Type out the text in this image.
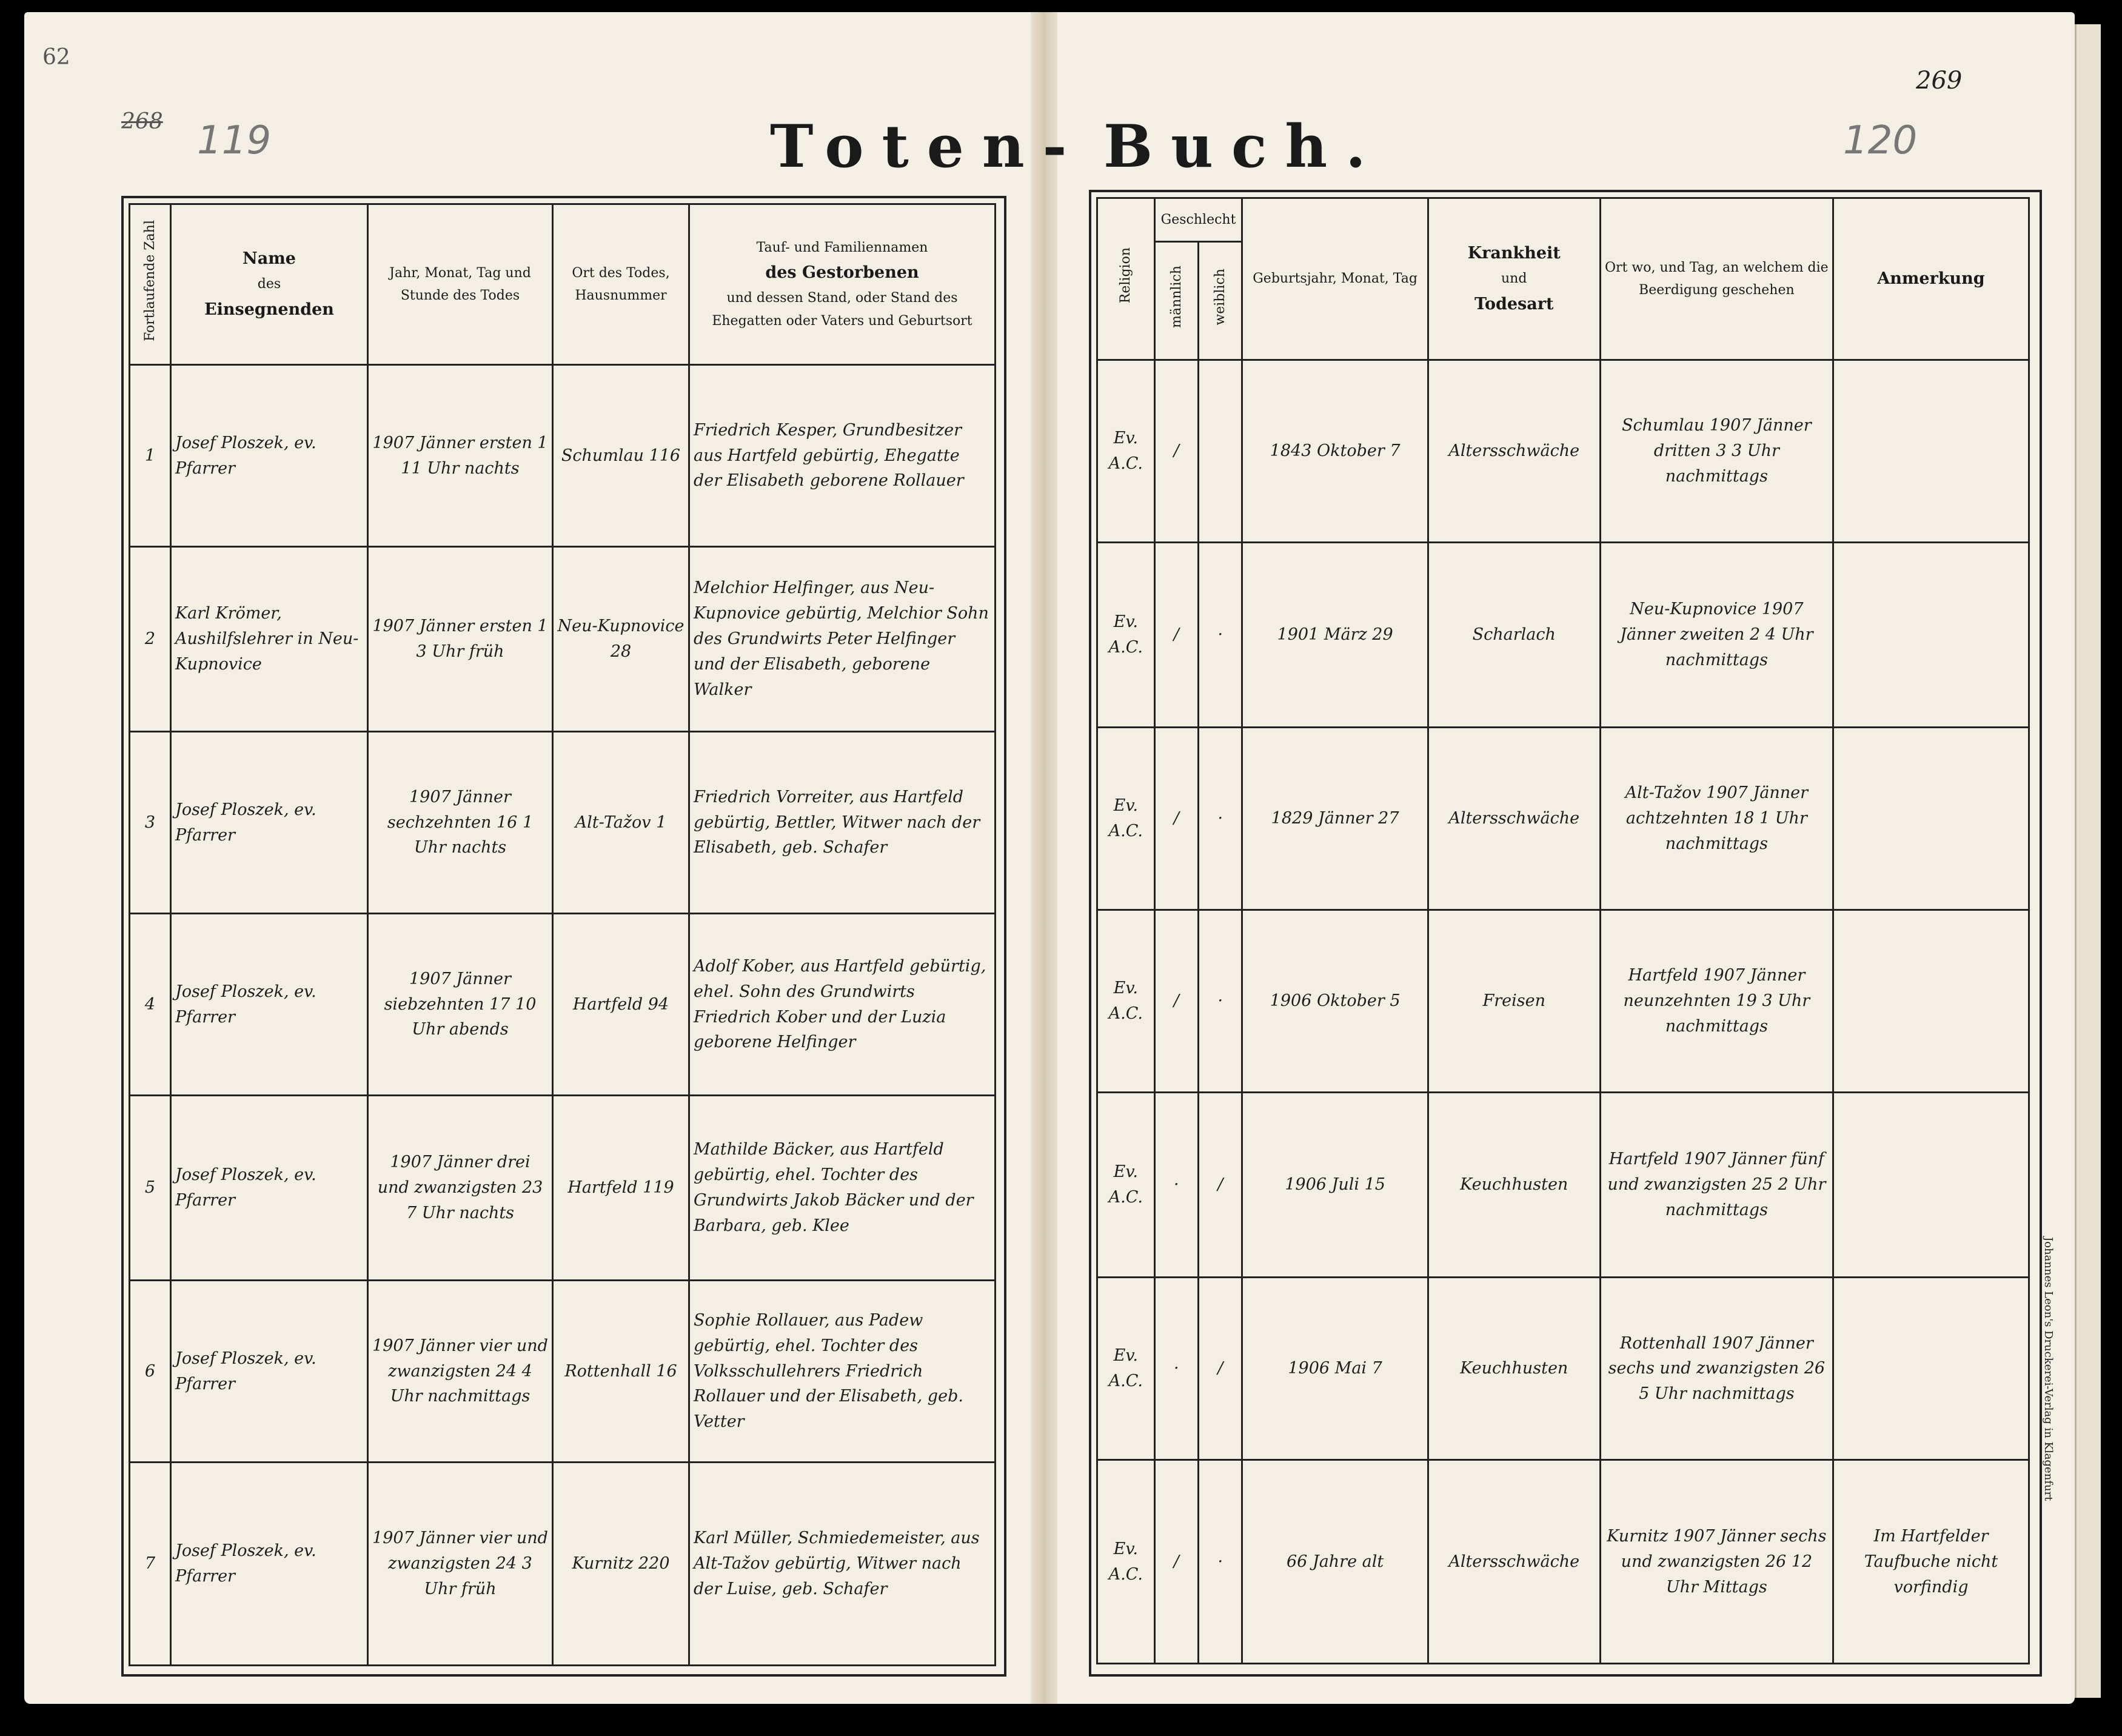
62
268 119	Toten- Buch.
269
120
Fortlaufende Zahl	Name
des
Einsegnenden	Jahr, Monat, Tag und Stunde des Todes	Ort des Todes, Hausnummer	Tauf- und Familiennamen
des Gestorbenen
und dessen Stand, oder Stand des Ehegatten oder Vaters und Geburtsort
1	Josef Ploszek, ev. Pfarrer	1907 Jänner ersten 1 11 Uhr nachts	Schumlau 116	Friedrich Kesper, Grundbesitzer aus Hartfeld gebürtig, Ehegatte der Elisabeth geborene Rollauer
2	Karl Krömer, Aushilfslehrer in Neu-Kupnovice	1907 Jänner ersten 1 3 Uhr früh	Neu-Kupnovice 28	Melchior Helfinger, aus Neu-Kupnovice gebürtig, Melchior Sohn des Grundwirts Peter Helfinger und der Elisabeth, geborene Walker
3	Josef Ploszek, ev. Pfarrer	1907 Jänner sechzehnten 16 1 Uhr nachts	Alt-Tažov 1	Friedrich Vorreiter, aus Hartfeld gebürtig, Bettler, Witwer nach der Elisabeth, geb. Schafer
4	Josef Ploszek, ev. Pfarrer	1907 Jänner siebzehnten 17 10 Uhr abends	Hartfeld 94	Adolf Kober, aus Hartfeld gebürtig, ehel. Sohn des Grundwirts Friedrich Kober und der Luzia geborene Helfinger
5	Josef Ploszek, ev. Pfarrer	1907 Jänner drei und zwanzigsten 23 7 Uhr nachts	Hartfeld 119	Mathilde Bäcker, aus Hartfeld gebürtig, ehel. Tochter des Grundwirts Jakob Bäcker und der Barbara, geb. Klee
6	Josef Ploszek, ev. Pfarrer	1907 Jänner vier und zwanzigsten 24 4 Uhr nachmittags	Rottenhall 16	Sophie Rollauer, aus Padew gebürtig, ehel. Tochter des Volksschullehrers Friedrich Rollauer und der Elisabeth, geb. Vetter
7	Josef Ploszek, ev. Pfarrer	1907 Jänner vier und zwanzigsten 24 3 Uhr früh	Kurnitz 220	Karl Müller, Schmiedemeister, aus Alt-Tažov gebürtig, Witwer nach der Luise, geb. Schafer
Religion	Geschlecht		Geburtsjahr, Monat, Tag	Krankheit
und
Todesart	Ort wo, und Tag, an welchem die Beerdigung geschehen	Anmerkung
	männlich	weiblich				
Ev. A.C.	/		1843 Oktober 7	Altersschwäche	Schumlau 1907 Jänner dritten 3 3 Uhr nachmittags	
Ev. A.C.	/	·	1901 März 29	Scharlach	Neu-Kupnovice 1907 Jänner zweiten 2 4 Uhr nachmittags	
Ev. A.C.	/	·	1829 Jänner 27	Altersschwäche	Alt-Tažov 1907 Jänner achtzehnten 18 1 Uhr nachmittags	
Ev. A.C.	/	·	1906 Oktober 5	Freisen	Hartfeld 1907 Jänner neunzehnten 19 3 Uhr nachmittags	
Ev. A.C.	·	/	1906 Juli 15	Keuchhusten	Hartfeld 1907 Jänner fünf und zwanzigsten 25 2 Uhr nachmittags	
Ev. A.C.	·	/	1906 Mai 7	Keuchhusten	Rottenhall 1907 Jänner sechs und zwanzigsten 26 5 Uhr nachmittags	
Ev. A.C.	/	·	66 Jahre alt	Altersschwäche	Kurnitz 1907 Jänner sechs und zwanzigsten 26 12 Uhr Mittags	Im Hartfelder Taufbuche nicht vorfindig
Johannes Leon's Druckerei-Verlag in Klagenfurt
